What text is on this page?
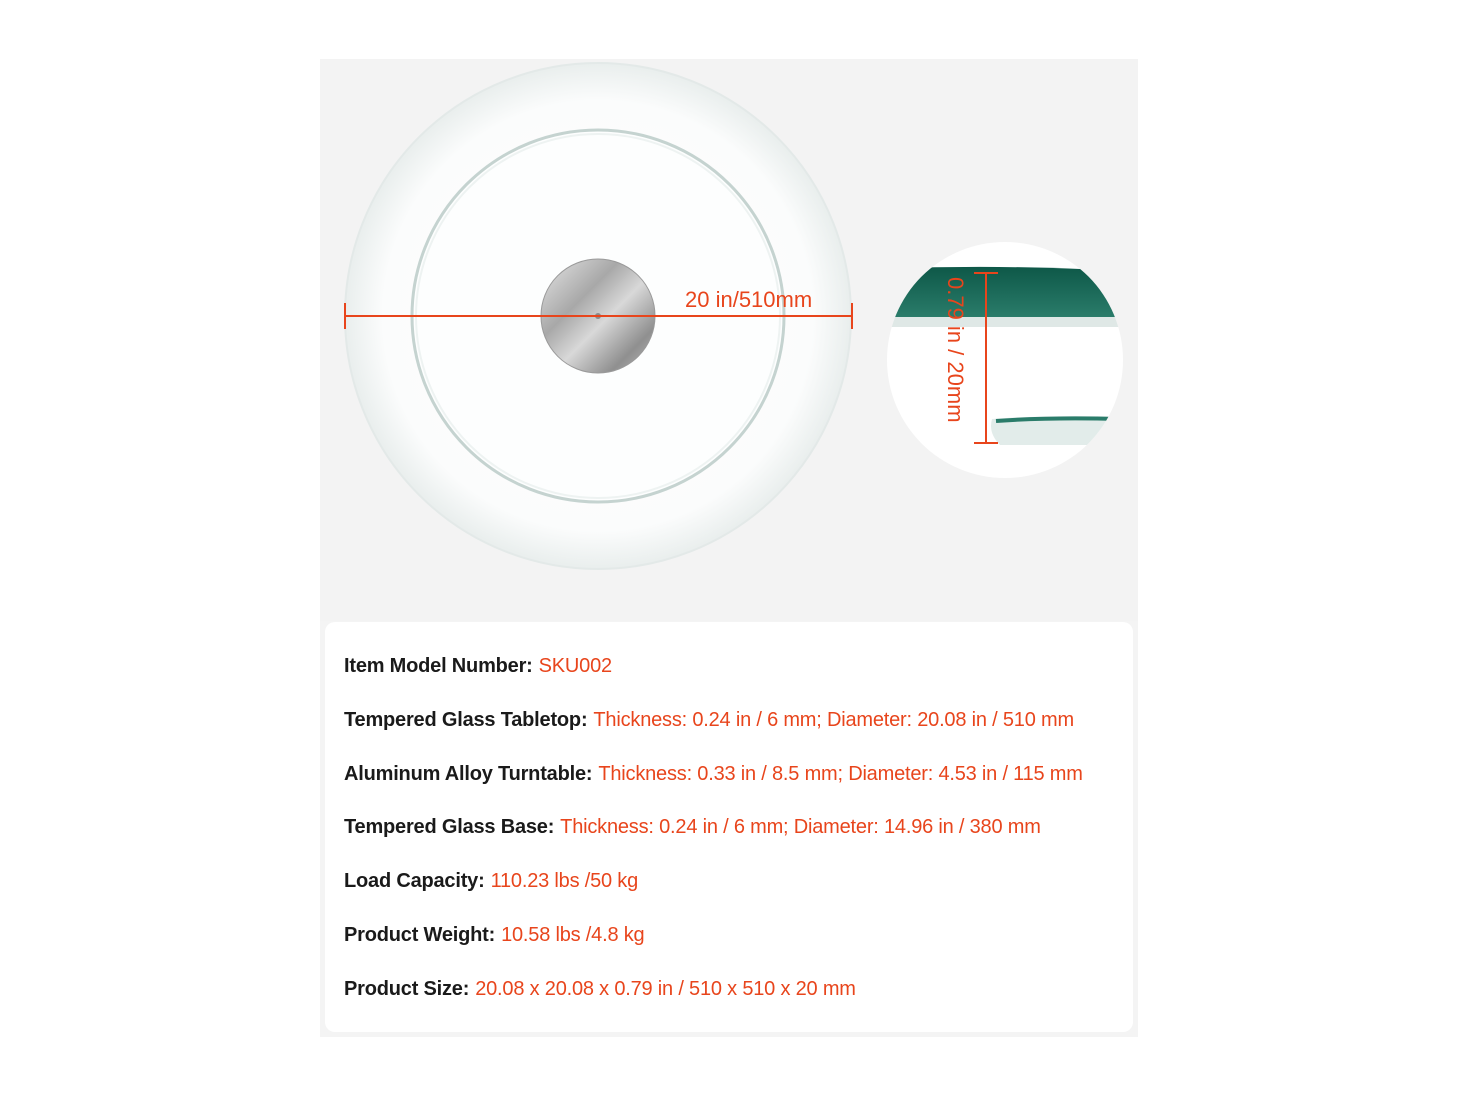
20 in/510mm	0.79 in / 20mm
Item Model Number: SKU002
Tempered Glass Tabletop: Thickness: 0.24 in / 6 mm; Diameter: 20.08 in / 510 mm
Aluminum Alloy Turntable: Thickness: 0.33 in / 8.5 mm; Diameter: 4.53 in / 115 mm
Tempered Glass Base: Thickness: 0.24 in / 6 mm; Diameter: 14.96 in / 380 mm
Load Capacity: 110.23 lbs /50 kg
Product Weight: 10.58 lbs /4.8 kg
Product Size: 20.08 x 20.08 x 0.79 in / 510 x 510 x 20 mm
